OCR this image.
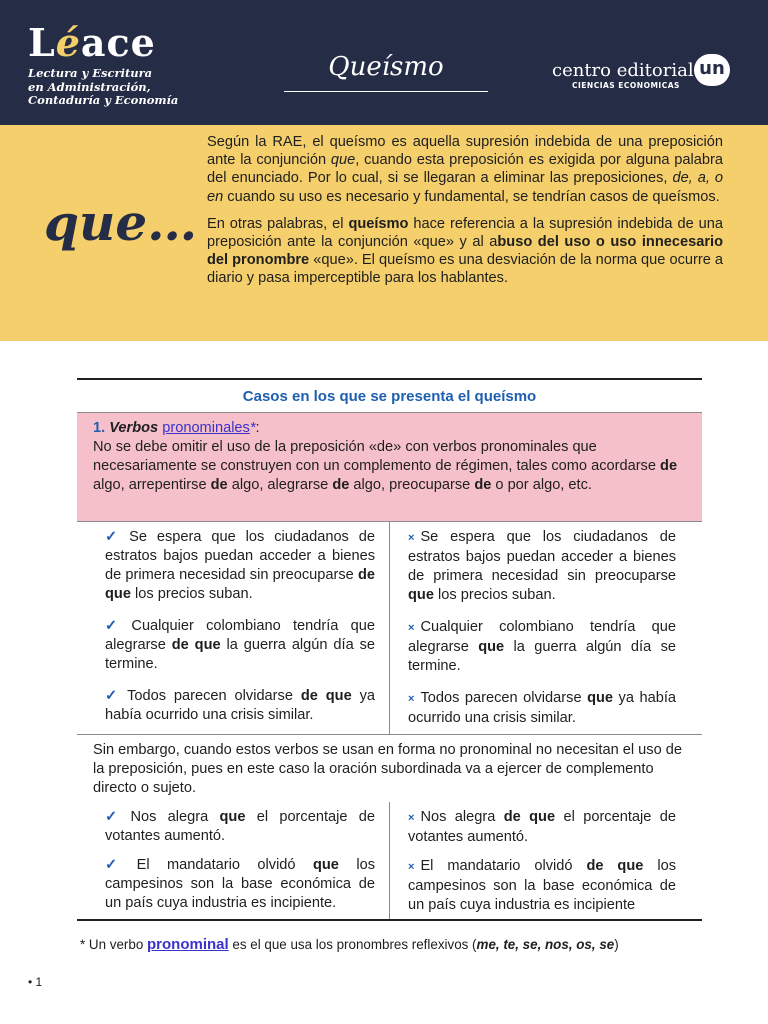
Léace
Lectura y Escritura
en Administración,
Contaduría y Economía
Queísmo	centro editorial
CIENCIAS ECONOMICAS
un
que…

Según la RAE, el queísmo es aquella supresión indebida de una preposición ante la conjunción que, cuando esta preposición es exigida por alguna palabra del enunciado. Por lo cual, si se llegaran a eliminar las preposiciones, de, a, o en cuando su uso es necesario y fundamental, se tendrían casos de queísmos.

En otras palabras, el queísmo hace referencia a la supresión indebida de una preposición ante la conjunción «que» y al abuso del uso o uso innecesario del pronombre «que». El queísmo es una desviación de la norma que ocurre a diario y pasa imperceptible para los hablantes.

Casos en los que se presenta el queísmo
1. Verbos pronominales*:
No se debe omitir el uso de la preposición «de» con verbos pronominales que necesariamente se construyen con un complemento de régimen, tales como acordarse de algo, arrepentirse de algo, alegrarse de algo, preocuparse de o por algo, etc.
✓ Se espera que los ciudadanos de estratos bajos puedan acceder a bienes de primera necesidad sin preocuparse de que los precios suban.
✓ Cualquier colombiano tendría que alegrarse de que la guerra algún día se termine.
✓ Todos parecen olvidarse de que ya había ocurrido una crisis similar.
× Se espera que los ciudadanos de estratos bajos puedan acceder a bienes de primera necesidad sin preocuparse que los precios suban.
× Cualquier colombiano tendría que alegrarse que la guerra algún día se termine.
× Todos parecen olvidarse que ya había ocurrido una crisis similar.
Sin embargo, cuando estos verbos se usan en forma no pronominal no necesitan el uso de la preposición, pues en este caso la oración subordinada va a ejercer de complemento directo o sujeto.
✓ Nos alegra que el porcentaje de votantes aumentó.
✓ El mandatario olvidó que los campesinos son la base económica de un país cuya industria es incipiente.
× Nos alegra de que el porcentaje de votantes aumentó.
× El mandatario olvidó de que los campesinos son la base económica de un país cuya industria es incipiente
* Un verbo pronominal es el que usa los pronombres reflexivos (me, te, se, nos, os, se)
• 1
